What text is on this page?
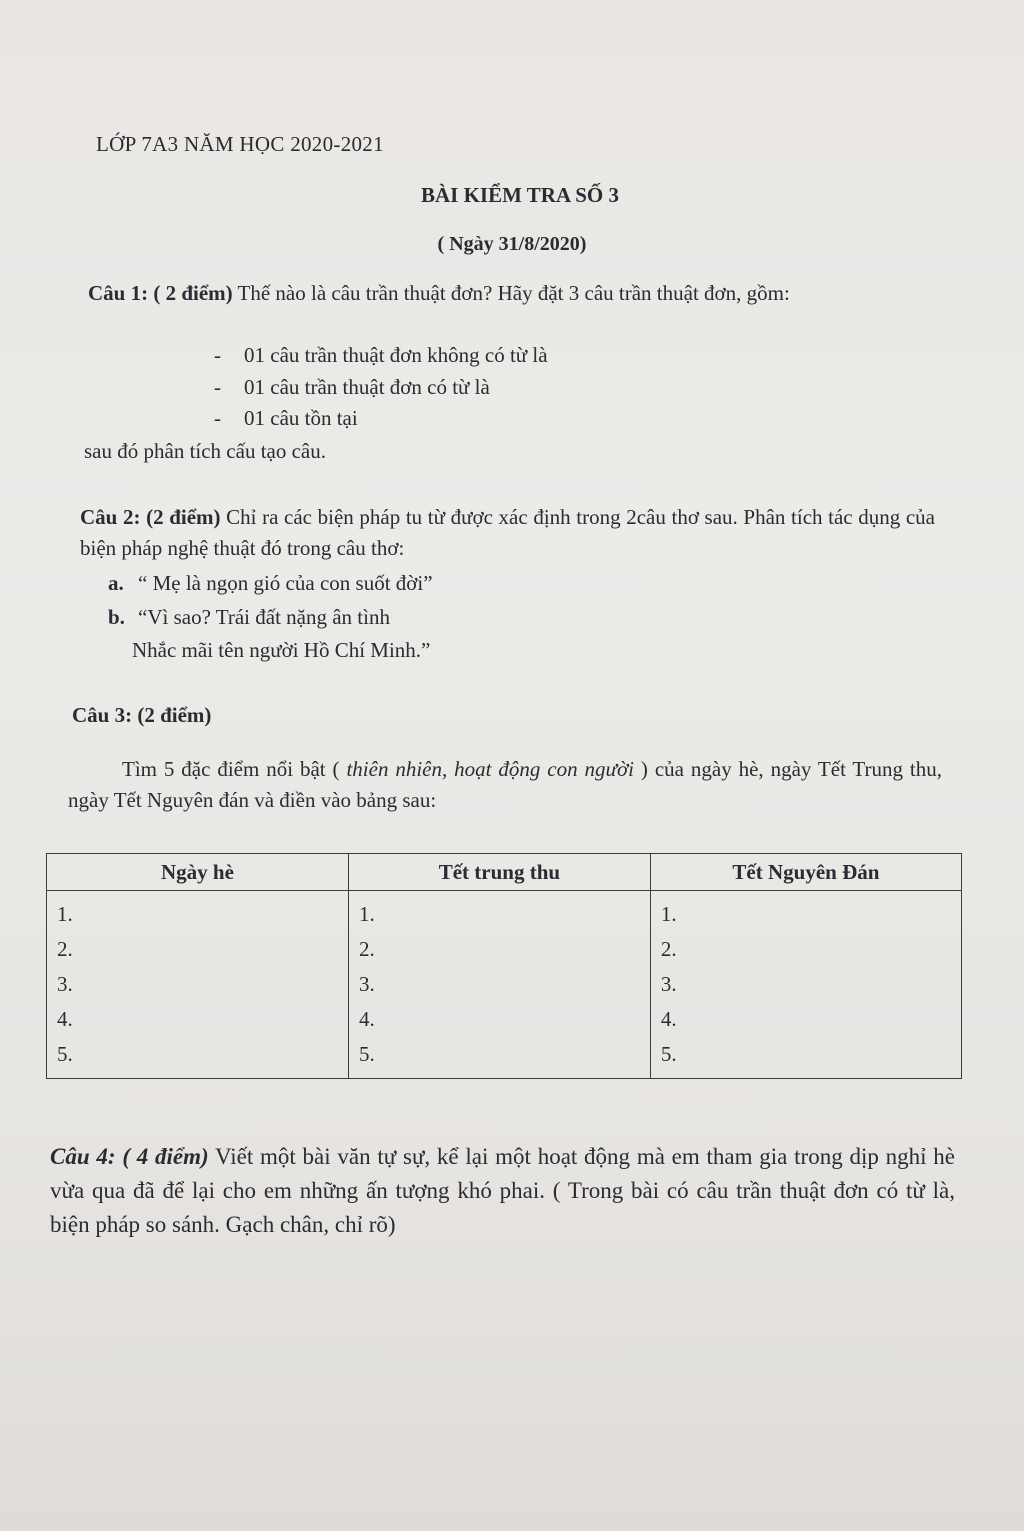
LỚP 7A3 NĂM HỌC 2020-2021
BÀI KIỂM TRA SỐ 3
( Ngày 31/8/2020)
Câu 1: ( 2 điểm) Thế nào là câu trần thuật đơn? Hãy đặt 3 câu trần thuật đơn, gồm:
- 01 câu trần thuật đơn không có từ là
- 01 câu trần thuật đơn có từ là
- 01 câu tồn tại
sau đó phân tích cấu tạo câu.
Câu 2: (2 điểm) Chỉ ra các biện pháp tu từ được xác định trong 2câu thơ sau. Phân tích tác dụng của biện pháp nghệ thuật đó trong câu thơ:
a. “ Mẹ là ngọn gió của con suốt đời”
b. “Vì sao? Trái đất nặng ân tình
Nhắc mãi tên người Hồ Chí Minh.”
Câu 3: (2 điểm)
Tìm 5 đặc điểm nổi bật ( thiên nhiên, hoạt động con người ) của ngày hè, ngày Tết Trung thu, ngày Tết Nguyên đán và điền vào bảng sau:
Ngày hè	Tết trung thu	Tết Nguyên Đán

1.
2.
3.
4.
5.	1.
2.
3.
4.
5.	1.
2.
3.
4.
5.
Câu 4: ( 4 điểm) Viết một bài văn tự sự, kể lại một hoạt động mà em tham gia trong dịp nghỉ hè vừa qua đã để lại cho em những ấn tượng khó phai. ( Trong bài có câu trần thuật đơn có từ là, biện pháp so sánh. Gạch chân, chỉ rõ)
